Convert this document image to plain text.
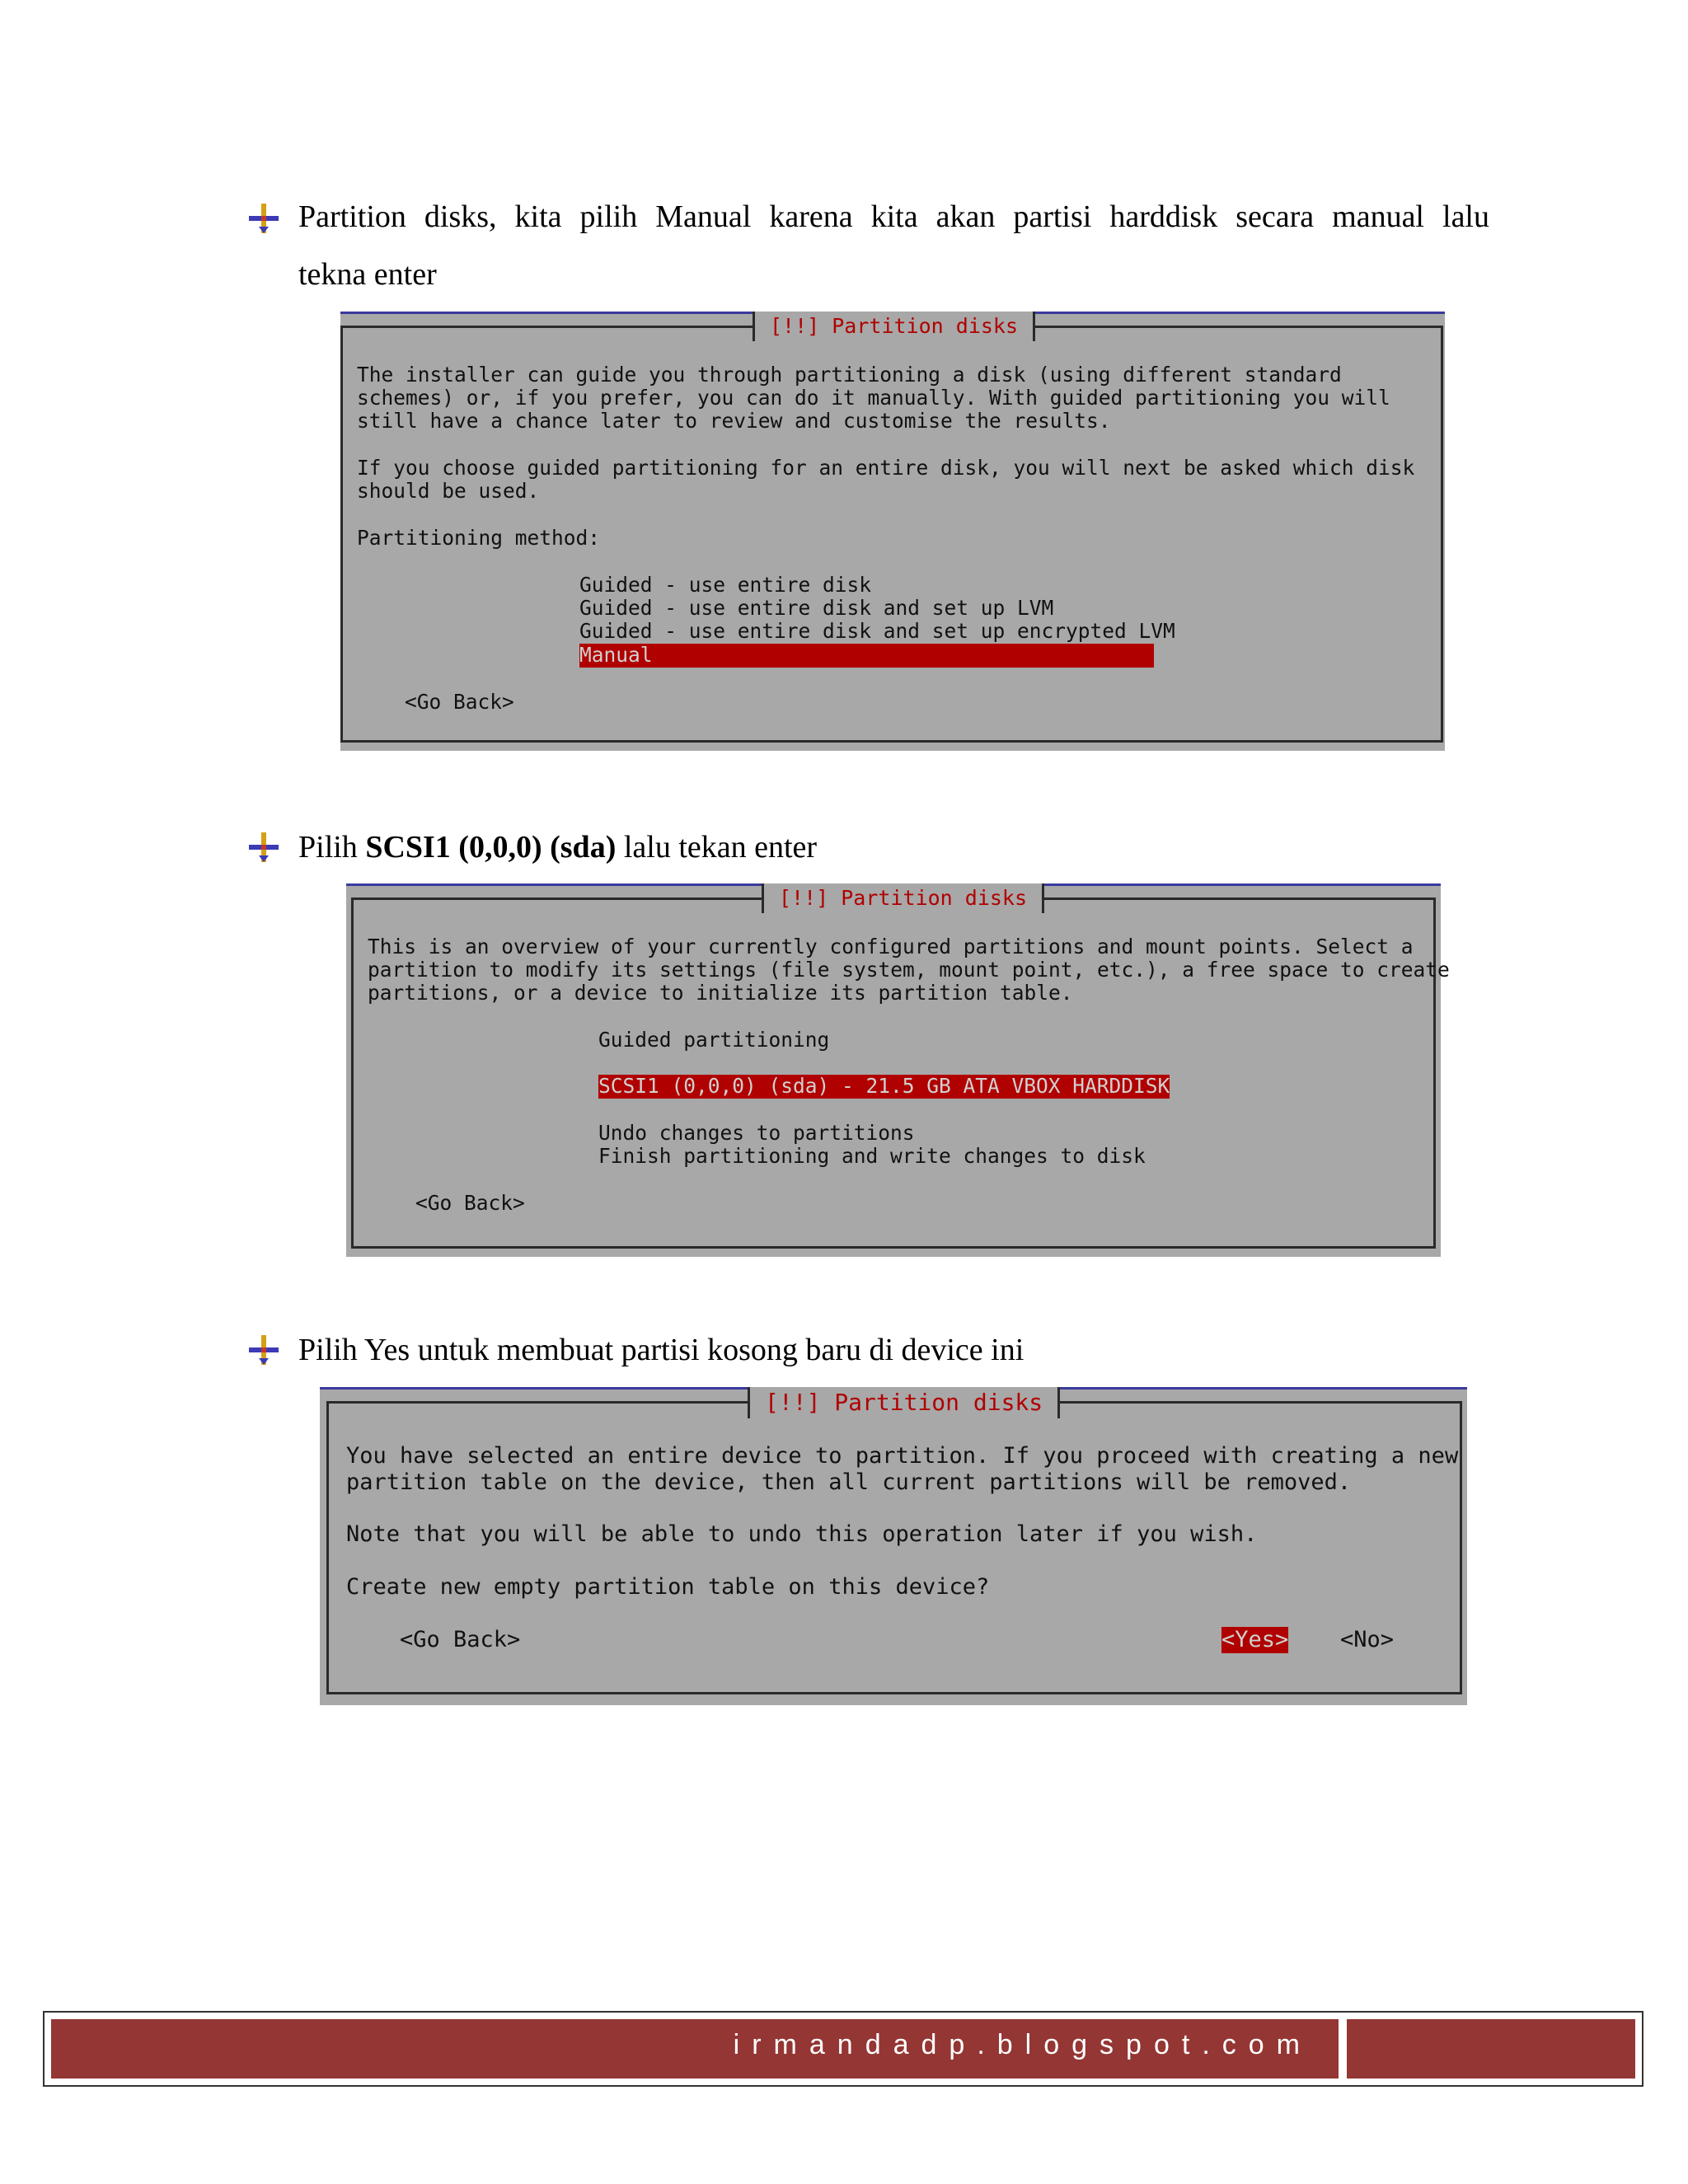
Partition disks, kita pilih Manual karena kita akan partisi harddisk secara manual lalu
tekna enter
[!!] Partition disks
The installer can guide you through partitioning a disk (using different standard
schemes) or, if you prefer, you can do it manually. With guided partitioning you will
still have a chance later to review and customise the results.
If you choose guided partitioning for an entire disk, you will next be asked which disk
should be used.
Partitioning method:
Guided - use entire disk
Guided - use entire disk and set up LVM
Guided - use entire disk and set up encrypted LVM
Manual
<Go Back>
Pilih SCSI1 (0,0,0) (sda) lalu tekan enter
[!!] Partition disks
This is an overview of your currently configured partitions and mount points. Select a
partition to modify its settings (file system, mount point, etc.), a free space to create
partitions, or a device to initialize its partition table.
Guided partitioning
SCSI1 (0,0,0) (sda) - 21.5 GB ATA VBOX HARDDISK
Undo changes to partitions
Finish partitioning and write changes to disk
<Go Back>
Pilih Yes untuk membuat partisi kosong baru di device ini
[!!] Partition disks
You have selected an entire device to partition. If you proceed with creating a new
partition table on the device, then all current partitions will be removed.
Note that you will be able to undo this operation later if you wish.
Create new empty partition table on this device?
<Go Back>	<Yes> <No>
irmandadp.blogspot.com
